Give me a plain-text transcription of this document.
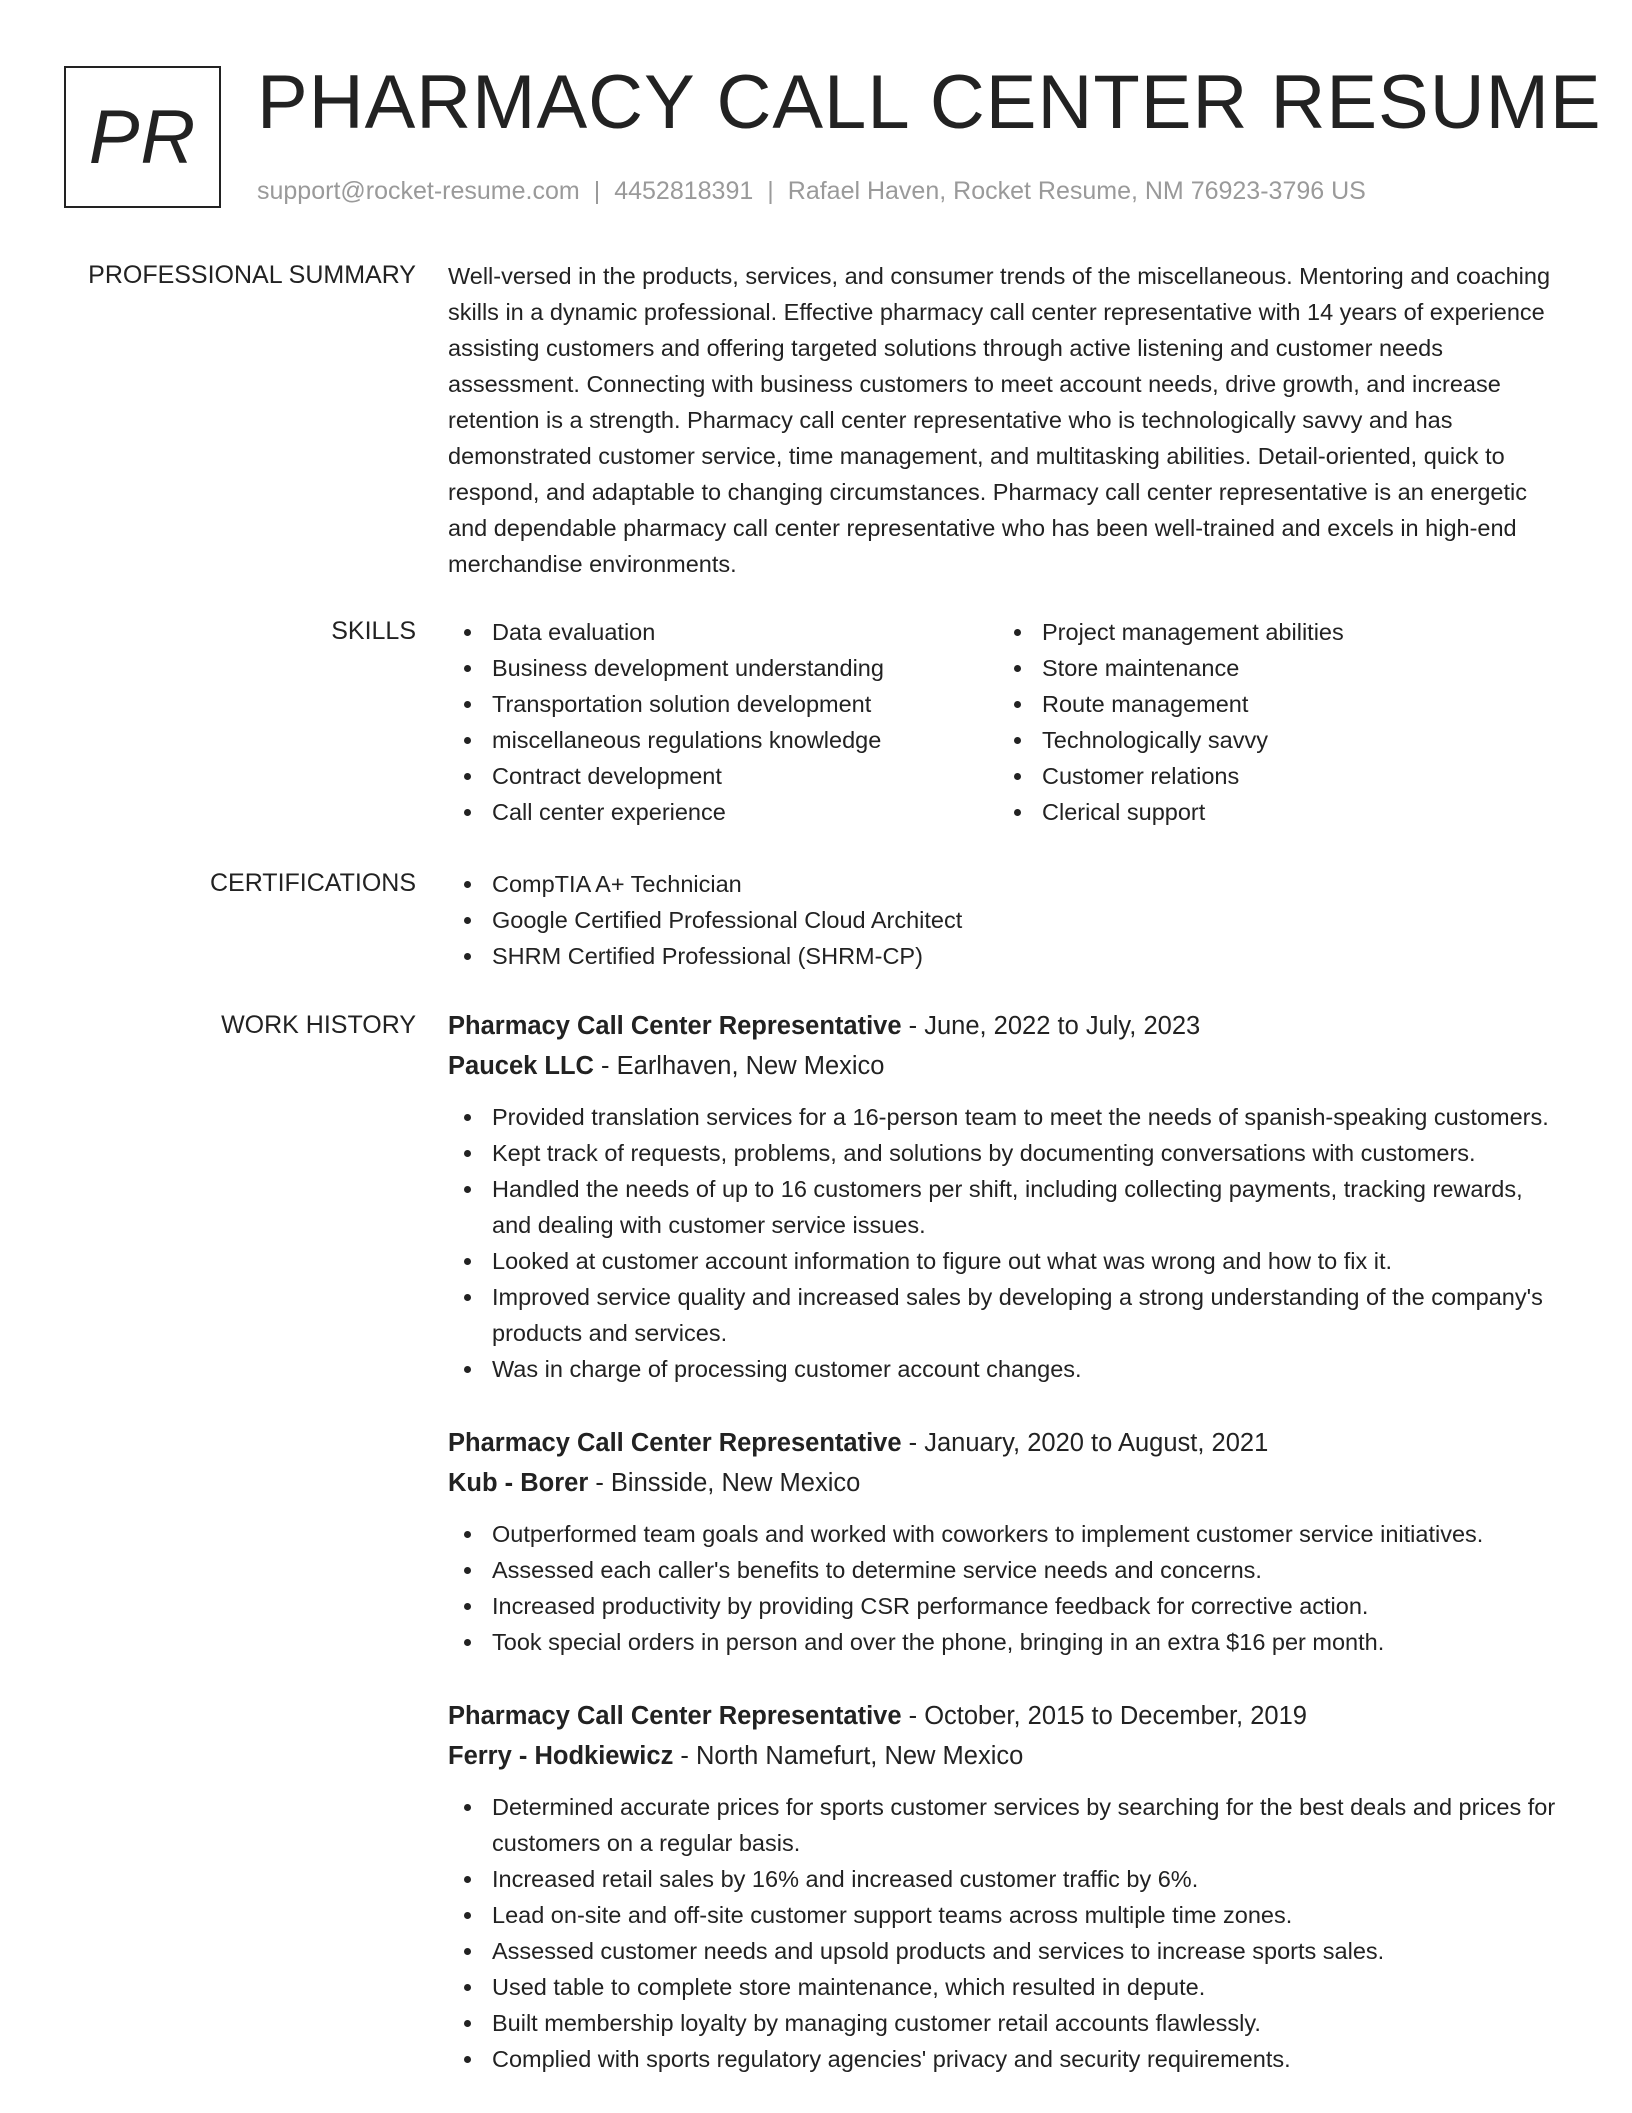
PR PHARMACY CALL CENTER RESUME
support@rocket-resume.com | 4452818391 | Rafael Haven, Rocket Resume, NM 76923-3796 US
PROFESSIONAL SUMMARY Well-versed in the products, services, and consumer trends of the miscellaneous. Mentoring and coaching skills in a dynamic professional. Effective pharmacy call center representative with 14 years of experience assisting customers and offering targeted solutions through active listening and customer needs assessment. Connecting with business customers to meet account needs, drive growth, and increase retention is a strength. Pharmacy call center representative who is technologically savvy and has demonstrated customer service, time management, and multitasking abilities. Detail-oriented, quick to respond, and adaptable to changing circumstances. Pharmacy call center representative is an energetic and dependable pharmacy call center representative who has been well-trained and excels in high-end merchandise environments.

SKILLS	Data evaluation
Business development understanding
Transportation solution development
miscellaneous regulations knowledge
Contract development
Call center experience
Project management abilities
Store maintenance
Route management
Technologically savvy
Customer relations
Clerical support
CERTIFICATIONS	CompTIA A+ Technician
Google Certified Professional Cloud Architect
SHRM Certified Professional (SHRM-CP)
WORK HISTORY Pharmacy Call Center Representative - June, 2022 to July, 2023
Paucek LLC - Earlhaven, New Mexico
Provided translation services for a 16-person team to meet the needs of spanish-speaking customers.
Kept track of requests, problems, and solutions by documenting conversations with customers.
Handled the needs of up to 16 customers per shift, including collecting payments, tracking rewards, and dealing with customer service issues.
Looked at customer account information to figure out what was wrong and how to fix it.
Improved service quality and increased sales by developing a strong understanding of the company's products and services.
Was in charge of processing customer account changes.
Pharmacy Call Center Representative - January, 2020 to August, 2021
Kub - Borer - Binsside, New Mexico
Outperformed team goals and worked with coworkers to implement customer service initiatives.
Assessed each caller's benefits to determine service needs and concerns.
Increased productivity by providing CSR performance feedback for corrective action.
Took special orders in person and over the phone, bringing in an extra $16 per month.
Pharmacy Call Center Representative - October, 2015 to December, 2019
Ferry - Hodkiewicz - North Namefurt, New Mexico
Determined accurate prices for sports customer services by searching for the best deals and prices for customers on a regular basis.
Increased retail sales by 16% and increased customer traffic by 6%.
Lead on-site and off-site customer support teams across multiple time zones.
Assessed customer needs and upsold products and services to increase sports sales.
Used table to complete store maintenance, which resulted in depute.
Built membership loyalty by managing customer retail accounts flawlessly.
Complied with sports regulatory agencies' privacy and security requirements.
